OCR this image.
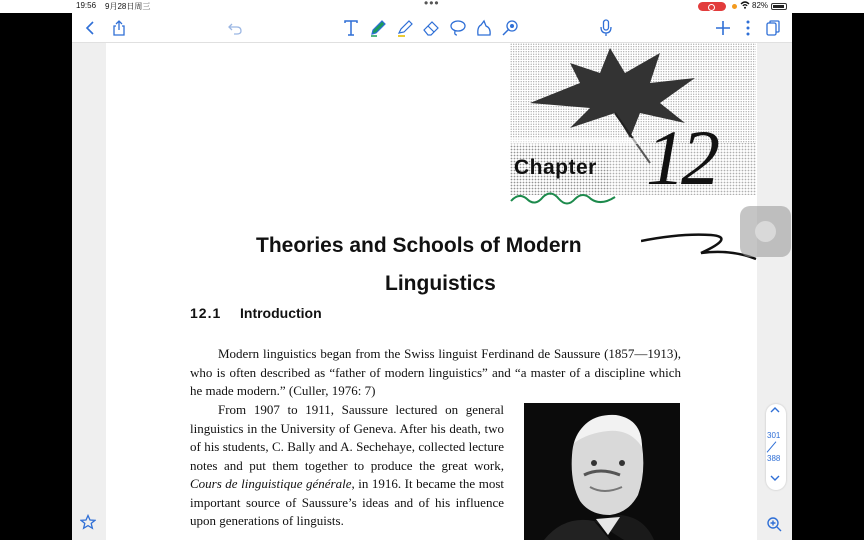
19:56 9月28日周三	•••	82%
Chapter 12
Theories and Schools of Modern
Linguistics
12.1 Introduction

Modern linguistics began from the Swiss linguist Ferdinand de Saussure (1857—1913), who is often described as “father of modern linguistics” and “a master of a discipline which he made modern.” (Culler, 1976: 7)

From 1907 to 1911, Saussure lectured on general linguistics in the University of Geneva. After his death, two of his students, C. Bally and A. Sechehaye, collected lecture notes and put them together to produce the great work, Cours de linguistique générale, in 1916. It became the most important source of Saussure’s ideas and of his influence upon generations of linguists.

301
388
